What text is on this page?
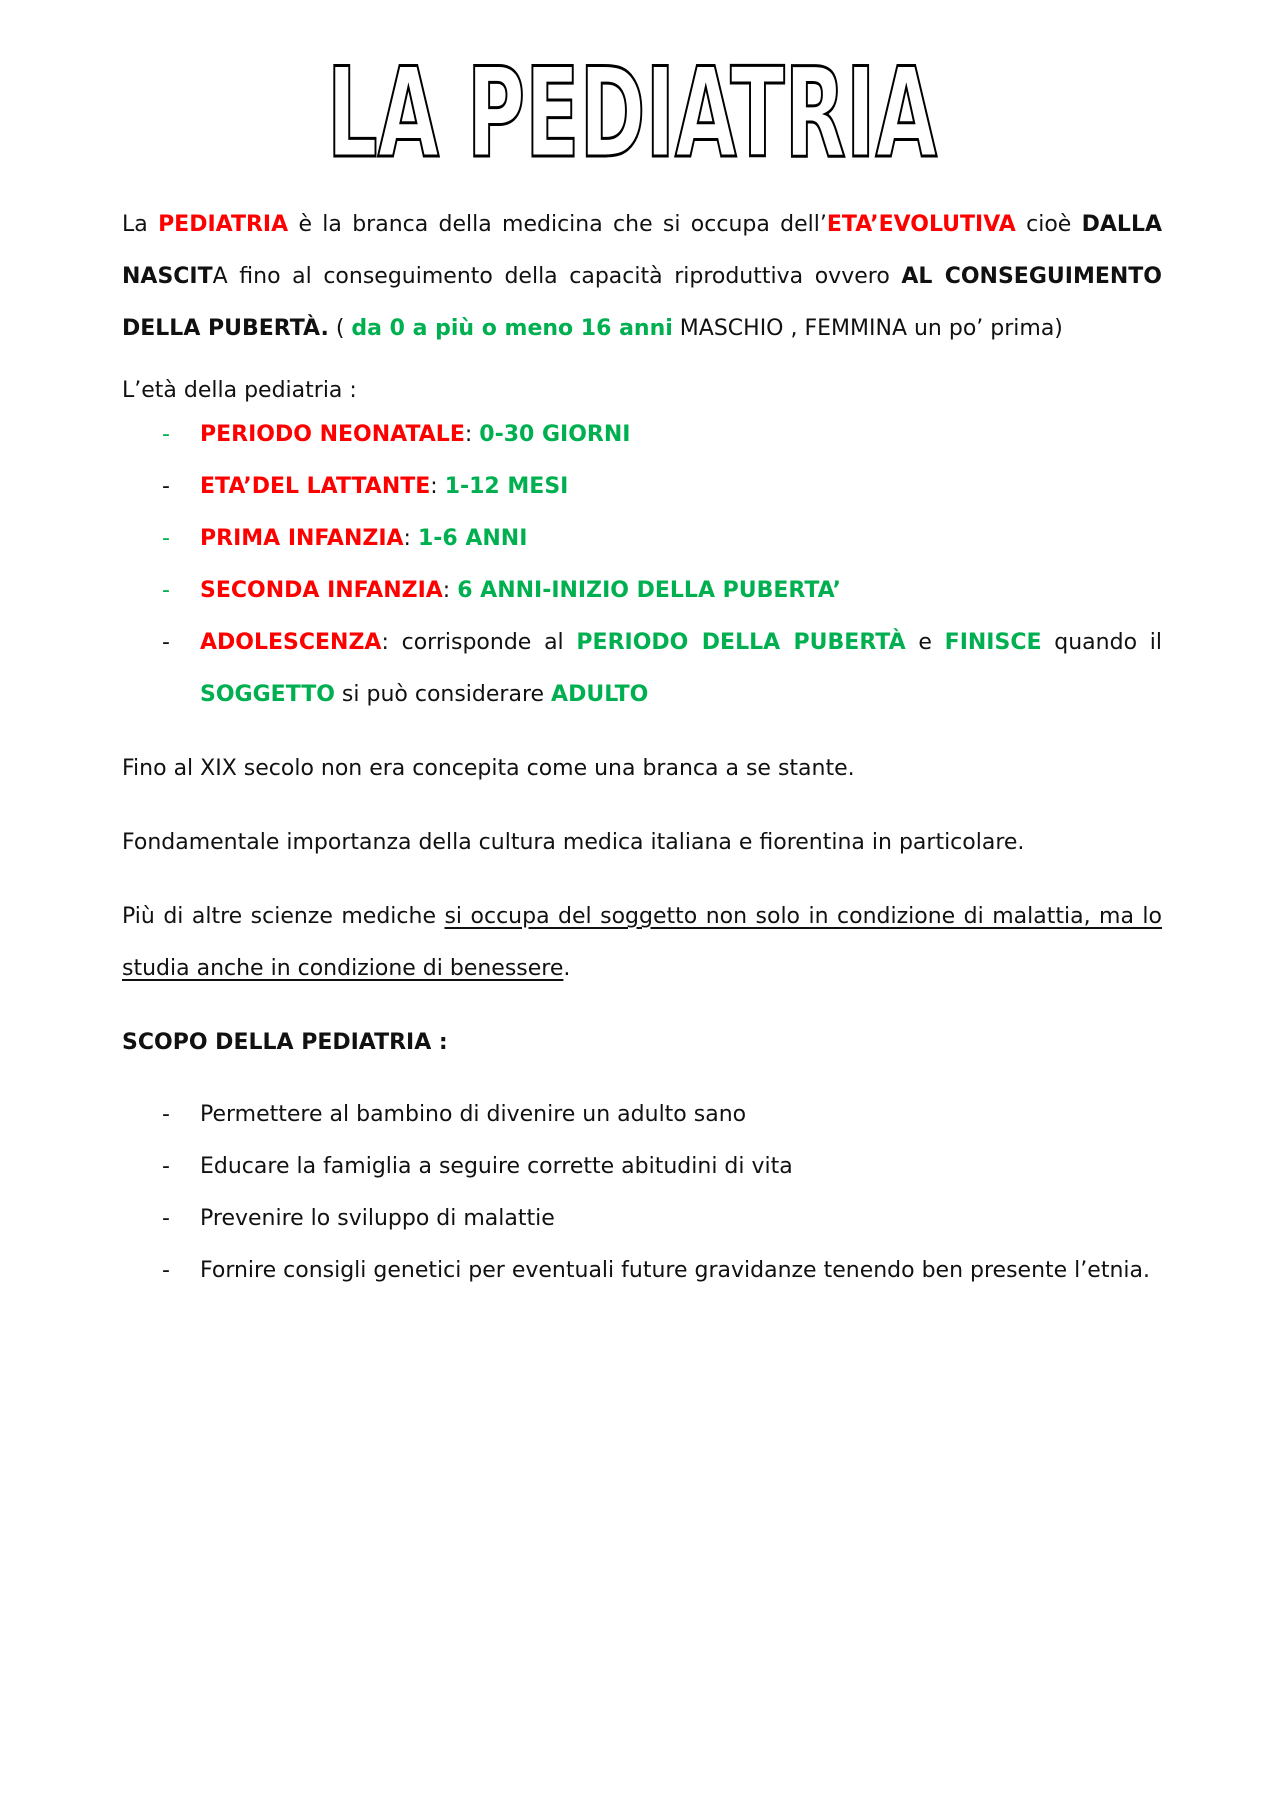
LA PEDIATRIA

La PEDIATRIA è la branca della medicina che si occupa dell’ETA’EVOLUTIVA cioè DALLA NASCITA fino al conseguimento della capacità riproduttiva ovvero AL CONSEGUIMENTO DELLA PUBERTÀ. ( da 0 a più o meno 16 anni MASCHIO , FEMMINA un po’ prima)

L’età della pediatria :

- PERIODO NEONATALE: 0-30 GIORNI
- ETA’DEL LATTANTE: 1-12 MESI
- PRIMA INFANZIA: 1-6 ANNI
- SECONDA INFANZIA: 6 ANNI-INIZIO DELLA PUBERTA’
- ADOLESCENZA: corrisponde al PERIODO DELLA PUBERTÀ e FINISCE quando il SOGGETTO si può considerare ADULTO

Fino al XIX secolo non era concepita come una branca a se stante.

Fondamentale importanza della cultura medica italiana e fiorentina in particolare.

Più di altre scienze mediche si occupa del soggetto non solo in condizione di malattia, ma lo studia anche in condizione di benessere.

SCOPO DELLA PEDIATRIA :

- Permettere al bambino di divenire un adulto sano
- Educare la famiglia a seguire corrette abitudini di vita
- Prevenire lo sviluppo di malattie
- Fornire consigli genetici per eventuali future gravidanze tenendo ben presente l’etnia.
